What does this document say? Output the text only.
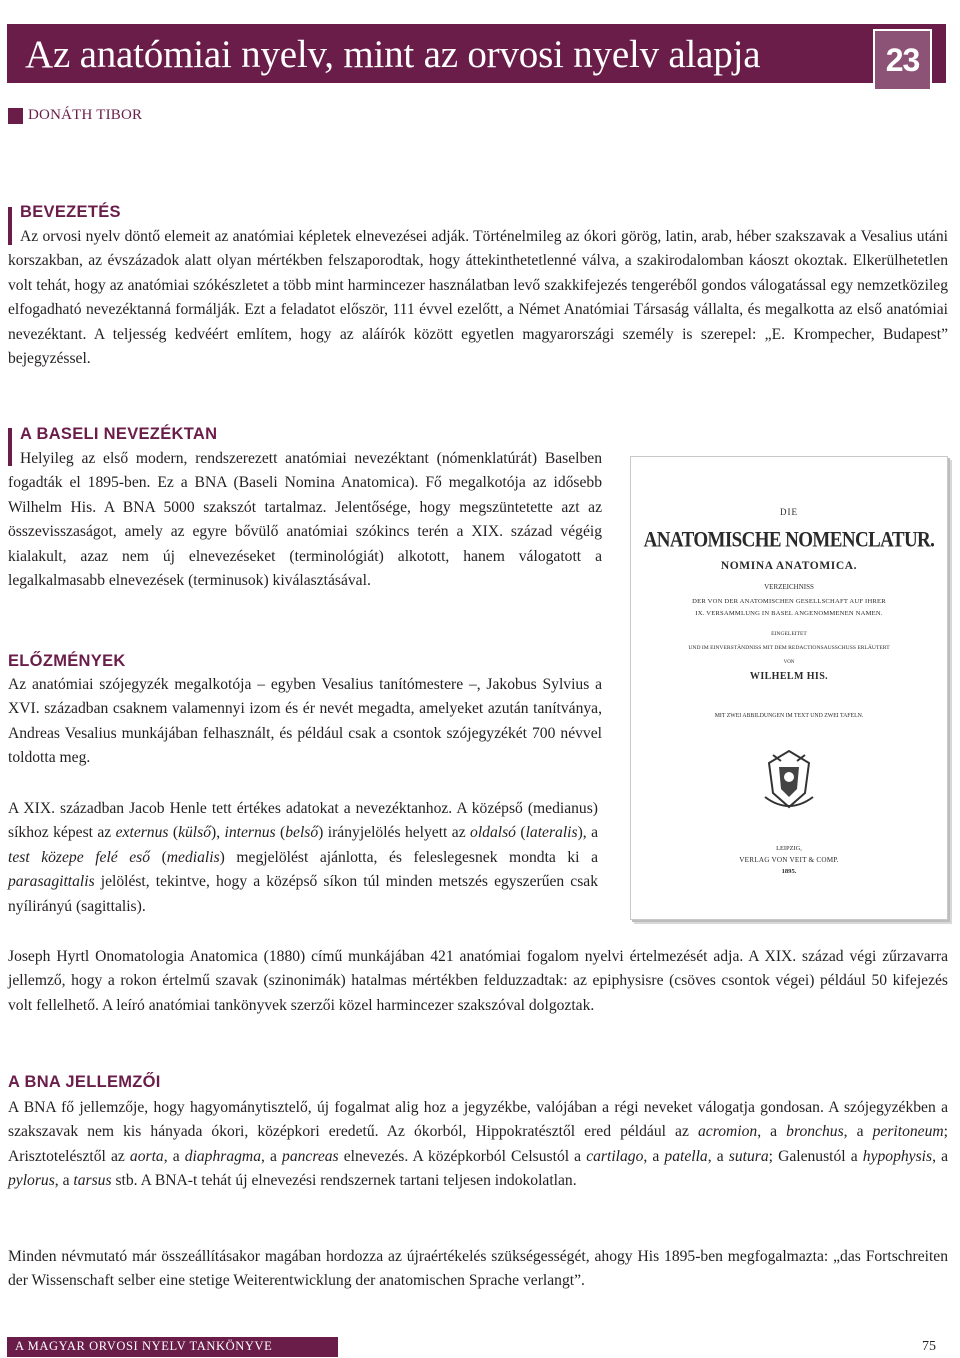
Az anatómiai nyelv, mint az orvosi nyelv alapja	23
DONÁTH TIBOR
BEVEZETÉS

Az orvosi nyelv döntő elemeit az anatómiai képletek elnevezései adják. Történelmileg az ókori görög, latin, arab, héber szakszavak a Vesalius utáni korszakban, az évszázadok alatt olyan mértékben felszaporodtak, hogy áttekinthetetlenné válva, a szakirodalomban káoszt okoztak. Elkerülhetetlen volt tehát, hogy az anatómiai szókészletet a több mint harmincezer használatban levő szakkifejezés tengeréből gondos válogatással egy nemzetközileg elfogadható nevezéktanná formálják. Ezt a feladatot először, 111 évvel ezelőtt, a Német Anatómiai Társaság vállalta, és megalkotta az első anatómiai nevezéktant. A teljesség kedvéért említem, hogy az aláírók között egyetlen magyarországi személy is szerepel: „E. Krompecher, Budapest” bejegyzéssel.

A BASELI NEVEZÉKTAN

Helyileg az első modern, rendszerezett anatómiai nevezéktant (nómenklatúrát) Baselben fogadták el 1895-ben. Ez a BNA (Baseli Nomina Anatomica). Fő megalkotója az idősebb Wilhelm His. A BNA 5000 szakszót tartalmaz. Jelentősége, hogy megszüntetette azt az összevisszaságot, amely az egyre bővülő anatómiai szókincs terén a XIX. század végéig kialakult, azaz nem új elnevezéseket (terminológiát) alkotott, hanem válogatott a legalkalmasabb elnevezések (terminusok) kiválasztásával.

ELŐZMÉNYEK

Az anatómiai szójegyzék megalkotója – egyben Vesalius tanítómestere –, Jakobus Sylvius a XVI. században csaknem valamennyi izom és ér nevét megadta, amelyeket azután tanítványa, Andreas Vesalius munkájában felhasznált, és például csak a csontok szójegyzékét 700 névvel toldotta meg.

A XIX. században Jacob Henle tett értékes adatokat a nevezéktanhoz. A középső (medianus) síkhoz képest az externus (külső), internus (belső) irányjelölés helyett az oldalsó (lateralis), a test közepe felé eső (medialis) megjelölést ajánlotta, és feleslegesnek mondta ki a parasagittalis jelölést, tekintve, hogy a középső síkon túl minden metszés egyszerűen csak nyílirányú (sagittalis).

Joseph Hyrtl Onomatologia Anatomica (1880) című munkájában 421 anatómiai fogalom nyelvi értelmezését adja. A XIX. század végi zűrzavarra jellemző, hogy a rokon értelmű szavak (szinonimák) hatalmas mértékben felduzzadtak: az epiphysisre (csöves csontok végei) például 50 kifejezés volt fellelhető. A leíró anatómiai tankönyvek szerzői közel harmincezer szakszóval dolgoztak.

A BNA JELLEMZŐI

A BNA fő jellemzője, hogy hagyománytisztelő, új fogalmat alig hoz a jegyzékbe, valójában a régi neveket válogatja gondosan. A szójegyzékben a szakszavak nem kis hányada ókori, középkori eredetű. Az ókorból, Hippokratésztől ered például az acromion, a bronchus, a peritoneum; Arisztotelésztől az aorta, a diaphragma, a pancreas elnevezés. A középkorból Celsustól a cartilago, a patella, a sutura; Galenustól a hypophysis, a pylorus, a tarsus stb. A BNA-t tehát új elnevezési rendszernek tartani teljesen indokolatlan.

Minden névmutató már összeállításakor magában hordozza az újraértékelés szükségességét, ahogy His 1895-ben megfogalmazta: „das Fortschreiten der Wissenschaft selber eine stetige Weiterentwicklung der anatomischen Sprache verlangt”.

DIE
ANATOMISCHE NOMENCLATUR.
NOMINA ANATOMICA.
VERZEICHNISS
DER VON DER ANATOMISCHEN GESELLSCHAFT AUF IHRER
IX. VERSAMMLUNG IN BASEL ANGENOMMENEN NAMEN.
EINGELEITET
UND IM EINVERSTÄNDNISS MIT DEM REDACTIONSAUSSCHUSS ERLÄUTERT
VON
WILHELM HIS.
MIT ZWEI ABBILDUNGEN IM TEXT UND ZWEI TAFELN.
LEIPZIG,
VERLAG VON VEIT & COMP.
1895.
A MAGYAR ORVOSI NYELV TANKÖNYVE	75
